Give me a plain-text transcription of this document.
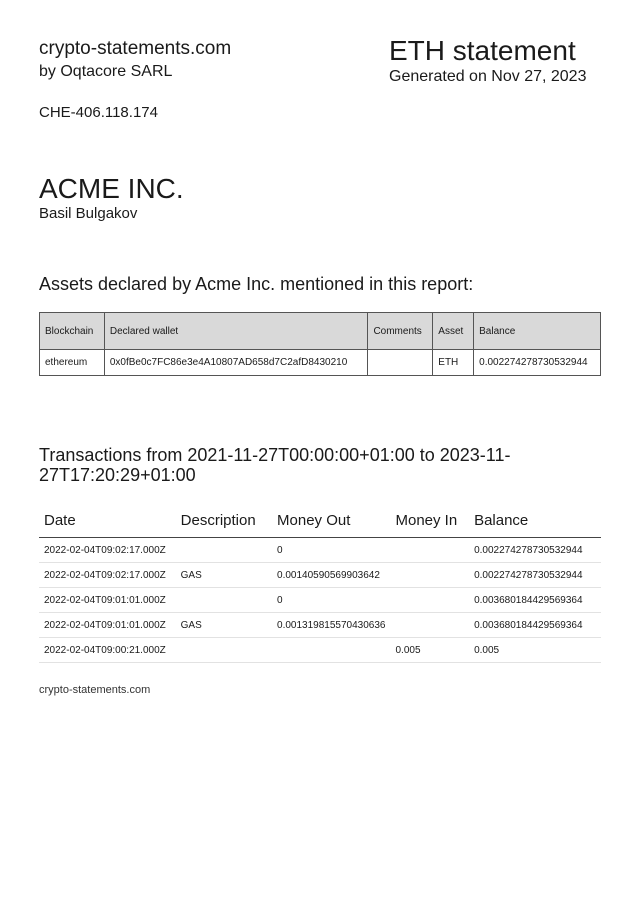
crypto-statements.com
by Oqtacore SARL
CHE-406.118.174
ETH statement
Generated on Nov 27, 2023
ACME INC.
Basil Bulgakov
Assets declared by Acme Inc. mentioned in this report:
Blockchain	Declared wallet	Comments	Asset	Balance
ethereum	0x0fBe0c7FC86e3e4A10807AD658d7C2afD8430210		ETH	0.002274278730532944
Transactions from 2021-11-27T00:00:00+01:00 to 2023-11-27T17:20:29+01:00
Date	Description	Money Out	Money In	Balance
2022-02-04T09:02:17.000Z		0		0.002274278730532944
2022-02-04T09:02:17.000Z	GAS	0.00140590569903642		0.002274278730532944
2022-02-04T09:01:01.000Z		0		0.003680184429569364
2022-02-04T09:01:01.000Z	GAS	0.001319815570430636		0.003680184429569364
2022-02-04T09:00:21.000Z			0.005	0.005
crypto-statements.com
